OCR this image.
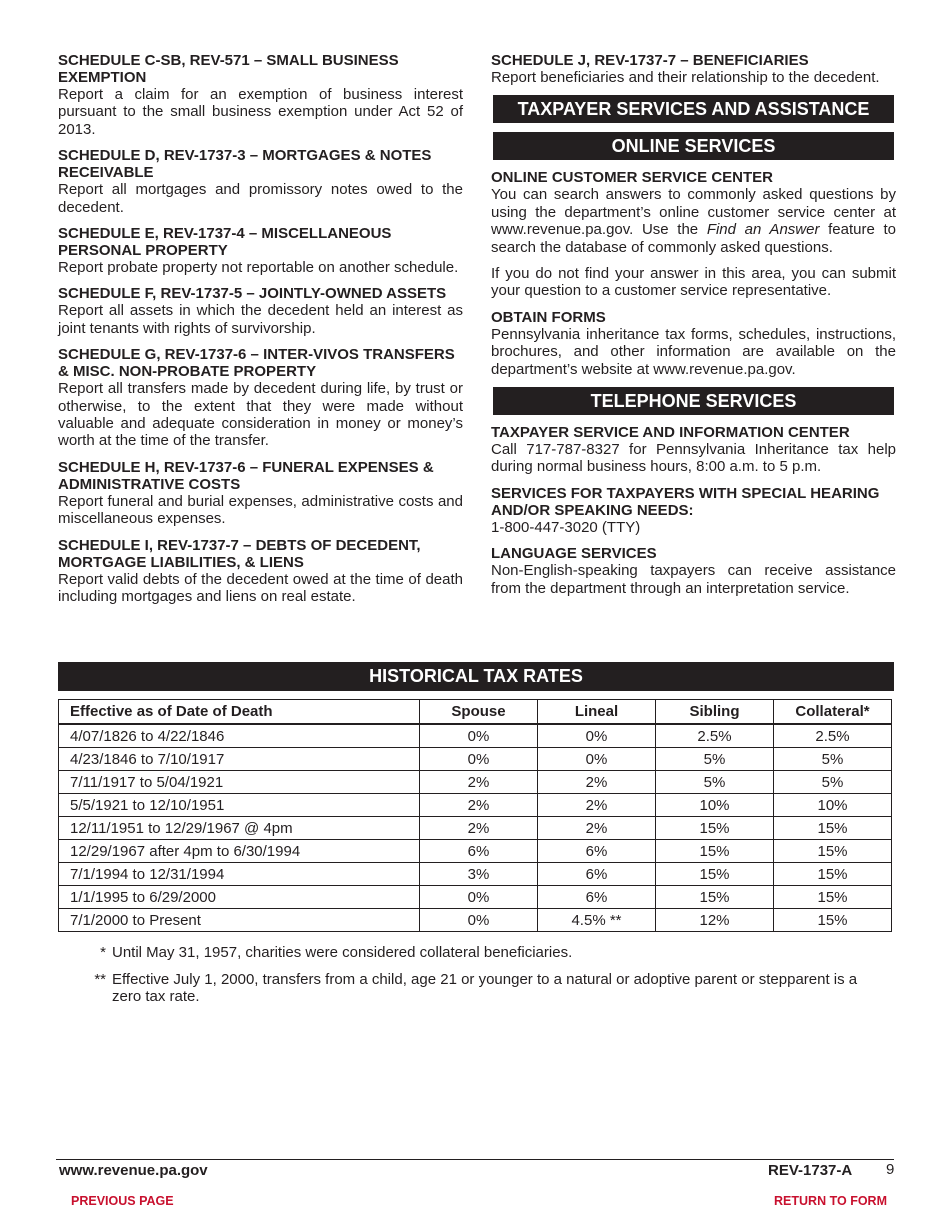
SCHEDULE C-SB, REV-571 – SMALL BUSINESS EXEMPTION
Report a claim for an exemption of business interest pursuant to the small business exemption under Act 52 of 2013.
SCHEDULE D, REV-1737-3 – MORTGAGES & NOTES RECEIVABLE
Report all mortgages and promissory notes owed to the decedent.
SCHEDULE E, REV-1737-4 – MISCELLANEOUS PERSONAL PROPERTY
Report probate property not reportable on another schedule.
SCHEDULE F, REV-1737-5 – JOINTLY-OWNED ASSETS
Report all assets in which the decedent held an interest as joint tenants with rights of survivorship.
SCHEDULE G, REV-1737-6 – INTER-VIVOS TRANSFERS & MISC. NON-PROBATE PROPERTY
Report all transfers made by decedent during life, by trust or otherwise, to the extent that they were made without valuable and adequate consideration in money or money’s worth at the time of the transfer.
SCHEDULE H, REV-1737-6 – FUNERAL EXPENSES & ADMINISTRATIVE COSTS
Report funeral and burial expenses, administrative costs and miscellaneous expenses.
SCHEDULE I, REV-1737-7 – DEBTS OF DECEDENT, MORTGAGE LIABILITIES, & LIENS
Report valid debts of the decedent owed at the time of death including mortgages and liens on real estate.
SCHEDULE J, REV-1737-7 – BENEFICIARIES
Report beneficiaries and their relationship to the decedent.
TAXPAYER SERVICES AND ASSISTANCE
ONLINE SERVICES
ONLINE CUSTOMER SERVICE CENTER
You can search answers to commonly asked questions by using the department’s online customer service center at www.revenue.pa.gov. Use the Find an Answer feature to search the database of commonly asked questions.
If you do not find your answer in this area, you can submit your question to a customer service representative.
OBTAIN FORMS
Pennsylvania inheritance tax forms, schedules, instructions, brochures, and other information are available on the department’s website at www.revenue.pa.gov.
TELEPHONE SERVICES
TAXPAYER SERVICE AND INFORMATION CENTER
Call 717-787-8327 for Pennsylvania Inheritance tax help during normal business hours, 8:00 a.m. to 5 p.m.
SERVICES FOR TAXPAYERS WITH SPECIAL HEARING AND/OR SPEAKING NEEDS:
1-800-447-3020 (TTY)
LANGUAGE SERVICES
Non-English-speaking taxpayers can receive assistance from the department through an interpretation service.
HISTORICAL TAX RATES
Effective as of Date of Death	Spouse	Lineal	Sibling	Collateral*
4/07/1826 to 4/22/1846	0%	0%	2.5%	2.5%
4/23/1846 to 7/10/1917	0%	0%	5%	5%
7/11/1917 to 5/04/1921	2%	2%	5%	5%
5/5/1921 to 12/10/1951	2%	2%	10%	10%
12/11/1951 to 12/29/1967 @ 4pm	2%	2%	15%	15%
12/29/1967 after 4pm to 6/30/1994	6%	6%	15%	15%
7/1/1994 to 12/31/1994	3%	6%	15%	15%
1/1/1995 to 6/29/2000	0%	6%	15%	15%
7/1/2000 to Present	0%	4.5% **	12%	15%
* Until May 31, 1957, charities were considered collateral beneficiaries.
** Effective July 1, 2000, transfers from a child, age 21 or younger to a natural or adoptive parent or stepparent is a zero tax rate.
www.revenue.pa.gov	REV-1737-A 9
PREVIOUS PAGE	RETURN TO FORM
